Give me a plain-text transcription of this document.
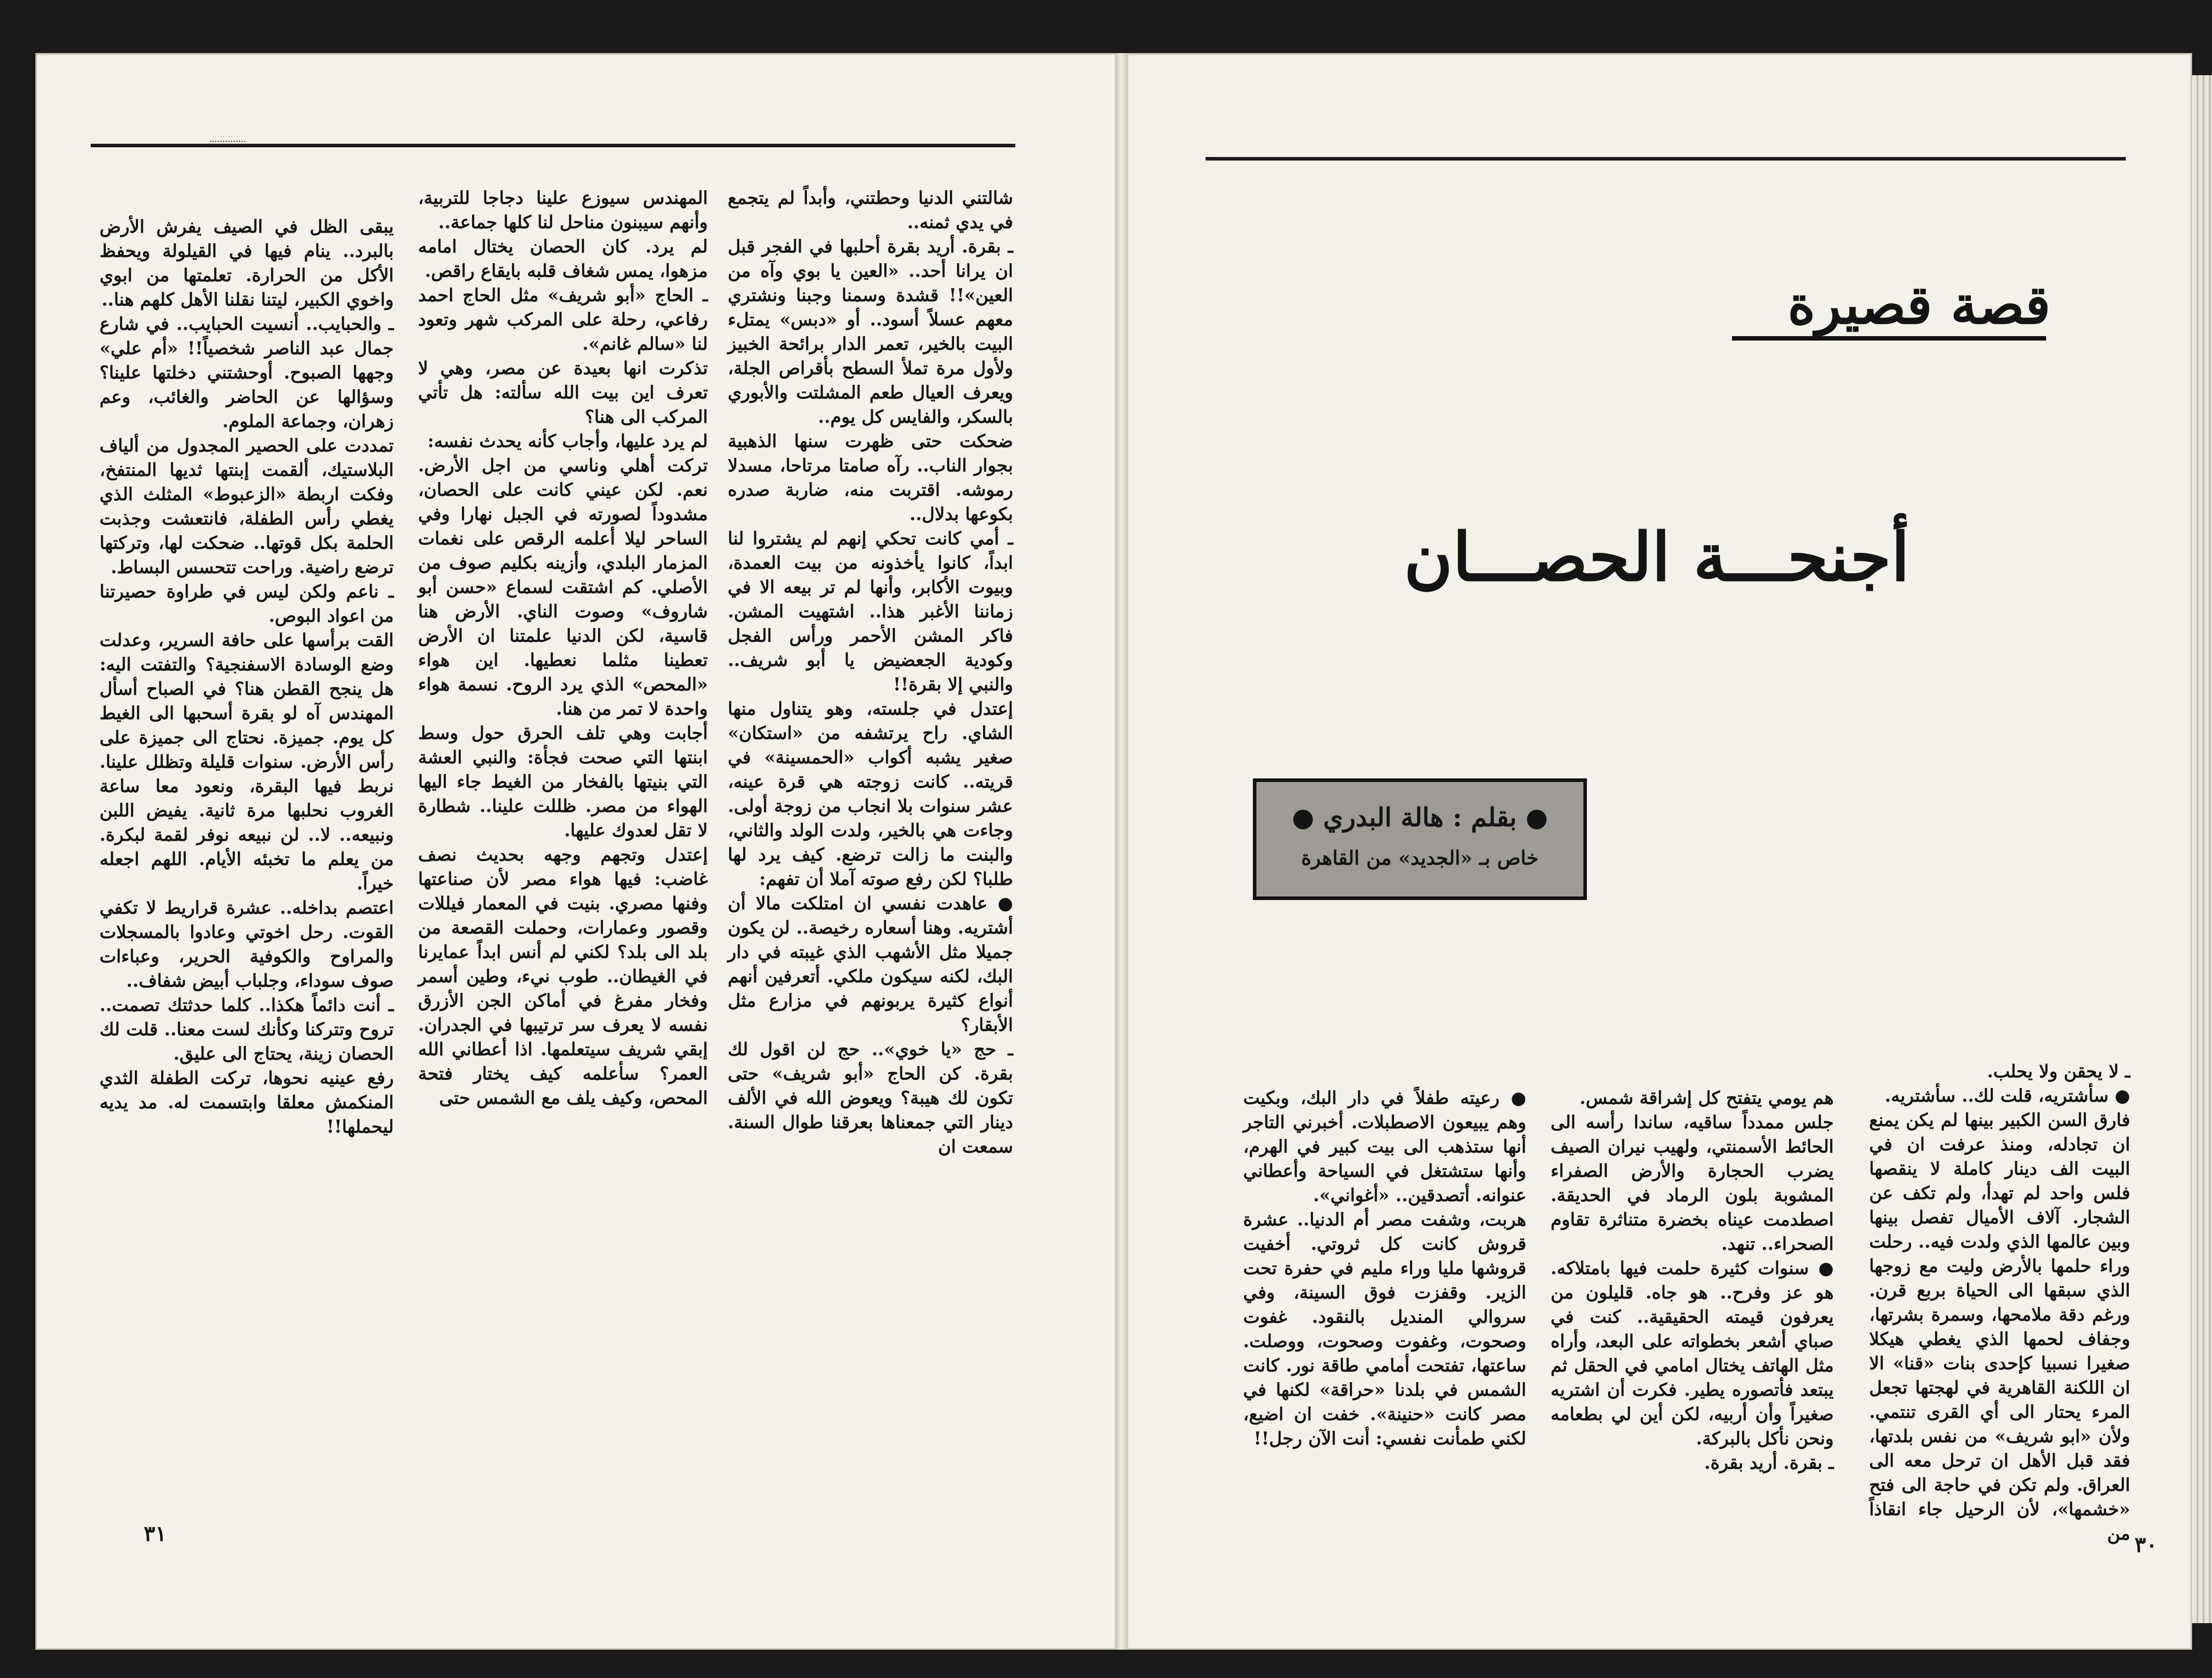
قصة قصيرة
أجنحـــة الحصـــان
● بقلم : هالة البدري ●
خاص بـ «الجديد» من القاهرة

ـ لا يحقن ولا يحلب.

● سأشتريه، قلت لك.. سأشتريه.

فارق السن الكبير بينها لم يكن يمنع ان تجادله، ومنذ عرفت ان في البيت الف دينار كاملة لا ينقصها فلس واحد لم تهدأ، ولم تكف عن الشجار. آلاف الأميال تفصل بينها وبين عالمها الذي ولدت فيه.. رحلت وراء حلمها بالأرض وليت مع زوجها الذي سبقها الى الحياة بربع قرن. ورغم دقة ملامحها، وسمرة بشرتها، وجفاف لحمها الذي يغطي هيكلا صغيرا نسبيا كإحدى بنات «قنا» الا ان اللكنة القاهرية في لهجتها تجعل المرء يحتار الى أي القرى تنتمي. ولأن «ابو شريف» من نفس بلدتها، فقد قبل الأهل ان ترحل معه الى العراق. ولم تكن في حاجة الى فتح «خشمها»، لأن الرحيل جاء انقاذاً من

هم يومي يتفتح كل إشراقة شمس.

جلس ممدداً ساقيه، ساندا رأسه الى الحائط الأسمنتي، ولهيب نيران الصيف يضرب الحجارة والأرض الصفراء المشوبة بلون الرماد في الحديقة. اصطدمت عيناه بخضرة متناثرة تقاوم الصحراء.. تنهد.

● سنوات كثيرة حلمت فيها بامتلاكه. هو عز وفرح.. هو جاه. قليلون من يعرفون قيمته الحقيقية.. كنت في صباي أشعر بخطواته على البعد، وأراه مثل الهاتف يختال امامي في الحقل ثم يبتعد فأتصوره يطير. فكرت أن اشتريه صغيراً وأن أربيه، لكن أين لي بطعامه ونحن نأكل بالبركة.

ـ بقرة. أريد بقرة.

● رعيته طفلاً في دار البك، وبكيت وهم يبيعون الاصطبلات. أخبرني التاجر أنها ستذهب الى بيت كبير في الهرم، وأنها ستشتغل في السياحة وأعطاني عنوانه. أتصدقين.. «أغواني».

هربت، وشفت مصر أم الدنيا.. عشرة قروش كانت كل ثروتي. أخفيت قروشها مليا وراء مليم في حفرة تحت الزير. وقفزت فوق السينة، وفي سروالي المنديل بالنقود. غفوت وصحوت، وغفوت وصحوت، ووصلت. ساعتها، تفتحت أمامي طاقة نور. كانت الشمس في بلدنا «حراقة» لكنها في مصر كانت «حنينة». خفت ان اضيع، لكني طمأنت نفسي: أنت الآن رجل!!

٣٠

شالتني الدنيا وحطتني، وأبداً لم يتجمع في يدي ثمنه..

ـ بقرة. أريد بقرة أحلبها في الفجر قبل ان يرانا أحد.. «العين يا بوي وآه من العين»!! قشدة وسمنا وجبنا ونشتري معهم عسلاً أسود.. أو «دبس» يمتلء البيت بالخير، تعمر الدار برائحة الخبيز ولأول مرة تملأ السطح بأقراص الجلة، ويعرف العيال طعم المشلتت والأبوري بالسكر، والفايس كل يوم..

ضحكت حتى ظهرت سنها الذهبية بجوار الناب.. رآه صامتا مرتاحا، مسدلا رموشه. اقتربت منه، ضاربة صدره بكوعها بدلال..

ـ أمي كانت تحكي إنهم لم يشتروا لنا ابداً، كانوا يأخذونه من بيت العمدة، وبيوت الأكابر، وأنها لم تر بيعه الا في زماننا الأغبر هذا.. اشتهيت المشن. فاكر المشن الأحمر ورأس الفجل وكودية الجعضيض يا أبو شريف.. والنبي إلا بقرة!!

إعتدل في جلسته، وهو يتناول منها الشاي. راح يرتشفه من «استكان» صغير يشبه أكواب «الحمسينة» في قريته.. كانت زوجته هي قرة عينه، عشر سنوات بلا انجاب من زوجة أولى. وجاءت هي بالخير، ولدت الولد والثاني، والبنت ما زالت ترضع. كيف يرد لها طلبا؟ لكن رفع صوته آملا أن تفهم:

● عاهدت نفسي ان امتلكت مالا أن أشتريه. وهنا أسعاره رخيصة.. لن يكون جميلا مثل الأشهب الذي غيبته في دار البك، لكنه سيكون ملكي. أتعرفين أنهم أنواع كثيرة يربونهم في مزارع مثل الأبقار؟

ـ حج «يا خوي».. حج لن اقول لك بقرة. كن الحاج «أبو شريف» حتى تكون لك هيبة؟ ويعوض الله في الألف دينار التي جمعناها بعرقنا طوال السنة. سمعت ان

المهندس سيوزع علينا دجاجا للتربية، وأنهم سيبنون مناحل لنا كلها جماعة..

لم يرد. كان الحصان يختال امامه مزهوا، يمس شغاف قلبه بايقاع راقص.

ـ الحاج «أبو شريف» مثل الحاج احمد رفاعي، رحلة على المركب شهر وتعود لنا «سالم غانم».

تذكرت انها بعيدة عن مصر، وهي لا تعرف اين بيت الله سألته: هل تأتي المركب الى هنا؟

لم يرد عليها، وأجاب كأنه يحدث نفسه:

تركت أهلي وناسي من اجل الأرض. نعم. لكن عيني كانت على الحصان، مشدوداً لصورته في الجبل نهارا وفي الساحر ليلا أعلمه الرقص على نغمات المزمار البلدي، وأزينه بكليم صوف من الأصلي. كم اشتقت لسماع «حسن أبو شاروف» وصوت الناي. الأرض هنا قاسية، لكن الدنيا علمتنا ان الأرض تعطينا مثلما نعطيها. اين هواء «المحص» الذي يرد الروح. نسمة هواء واحدة لا تمر من هنا.

أجابت وهي تلف الحرق حول وسط ابنتها التي صحت فجأة: والنبي العشة التي بنيتها بالفخار من الغيط جاء اليها الهواء من مصر. ظللت علينا.. شطارة لا تقل لعدوك عليها.

إعتدل وتجهم وجهه بحديث نصف غاضب: فيها هواء مصر لأن صناعتها وفنها مصري. بنيت في المعمار فيللات وقصور وعمارات، وحملت القصعة من بلد الى بلد؟ لكني لم أنس ابداً عمايرنا في الغيطان.. طوب نيء، وطين أسمر وفخار مفرغ في أماكن الجن الأزرق نفسه لا يعرف سر ترتيبها في الجدران. إبقي شريف سيتعلمها. اذا أعطاني الله العمر؟ سأعلمه كيف يختار فتحة المحص، وكيف يلف مع الشمس حتى

يبقى الظل في الصيف يفرش الأرض بالبرد.. ينام فيها في القيلولة ويحفظ الأكل من الحرارة. تعلمتها من ابوي واخوي الكبير، ليتنا نقلنا الأهل كلهم هنا..

ـ والحبايب.. أنسيت الحبايب.. في شارع جمال عبد الناصر شخصياً!! «أم علي» وجهها الصبوح. أوحشتني دخلتها علينا؟ وسؤالها عن الحاضر والغائب، وعم زهران، وجماعة الملوم.

تمددت على الحصير المجدول من ألياف البلاستيك، ألقمت إبنتها ثديها المنتفخ، وفكت اربطة «الزعبوط» المثلث الذي يغطي رأس الطفلة، فانتعشت وجذبت الحلمة بكل قوتها.. ضحكت لها، وتركتها ترضع راضية. وراحت تتحسس البساط.

ـ ناعم ولكن ليس في طراوة حصيرتنا من اعواد البوص.

القت برأسها على حافة السرير، وعدلت وضع الوسادة الاسفنجية؟ والتفتت اليه: هل ينجح القطن هنا؟ في الصباح أسأل المهندس آه لو بقرة أسحبها الى الغيط كل يوم. جميزة. نحتاج الى جميزة على رأس الأرض. سنوات قليلة وتظلل علينا. نربط فيها البقرة، ونعود معا ساعة الغروب نحلبها مرة ثانية. يفيض اللبن ونبيعه.. لا.. لن نبيعه نوفر لقمة لبكرة. من يعلم ما تخبئه الأيام. اللهم اجعله خيراً.

اعتصم بداخله.. عشرة قراريط لا تكفي القوت. رحل اخوتي وعادوا بالمسجلات والمراوح والكوفية الحرير، وعباءات صوف سوداء، وجلباب أبيض شفاف..

ـ أنت دائماً هكذا.. كلما حدثتك تصمت.. تروح وتتركنا وكأنك لست معنا.. قلت لك الحصان زينة، يحتاج الى عليق.

رفع عينيه نحوها، تركت الطفلة الثدي المنكمش معلقا وابتسمت له. مد يديه ليحملها!!

٣١
